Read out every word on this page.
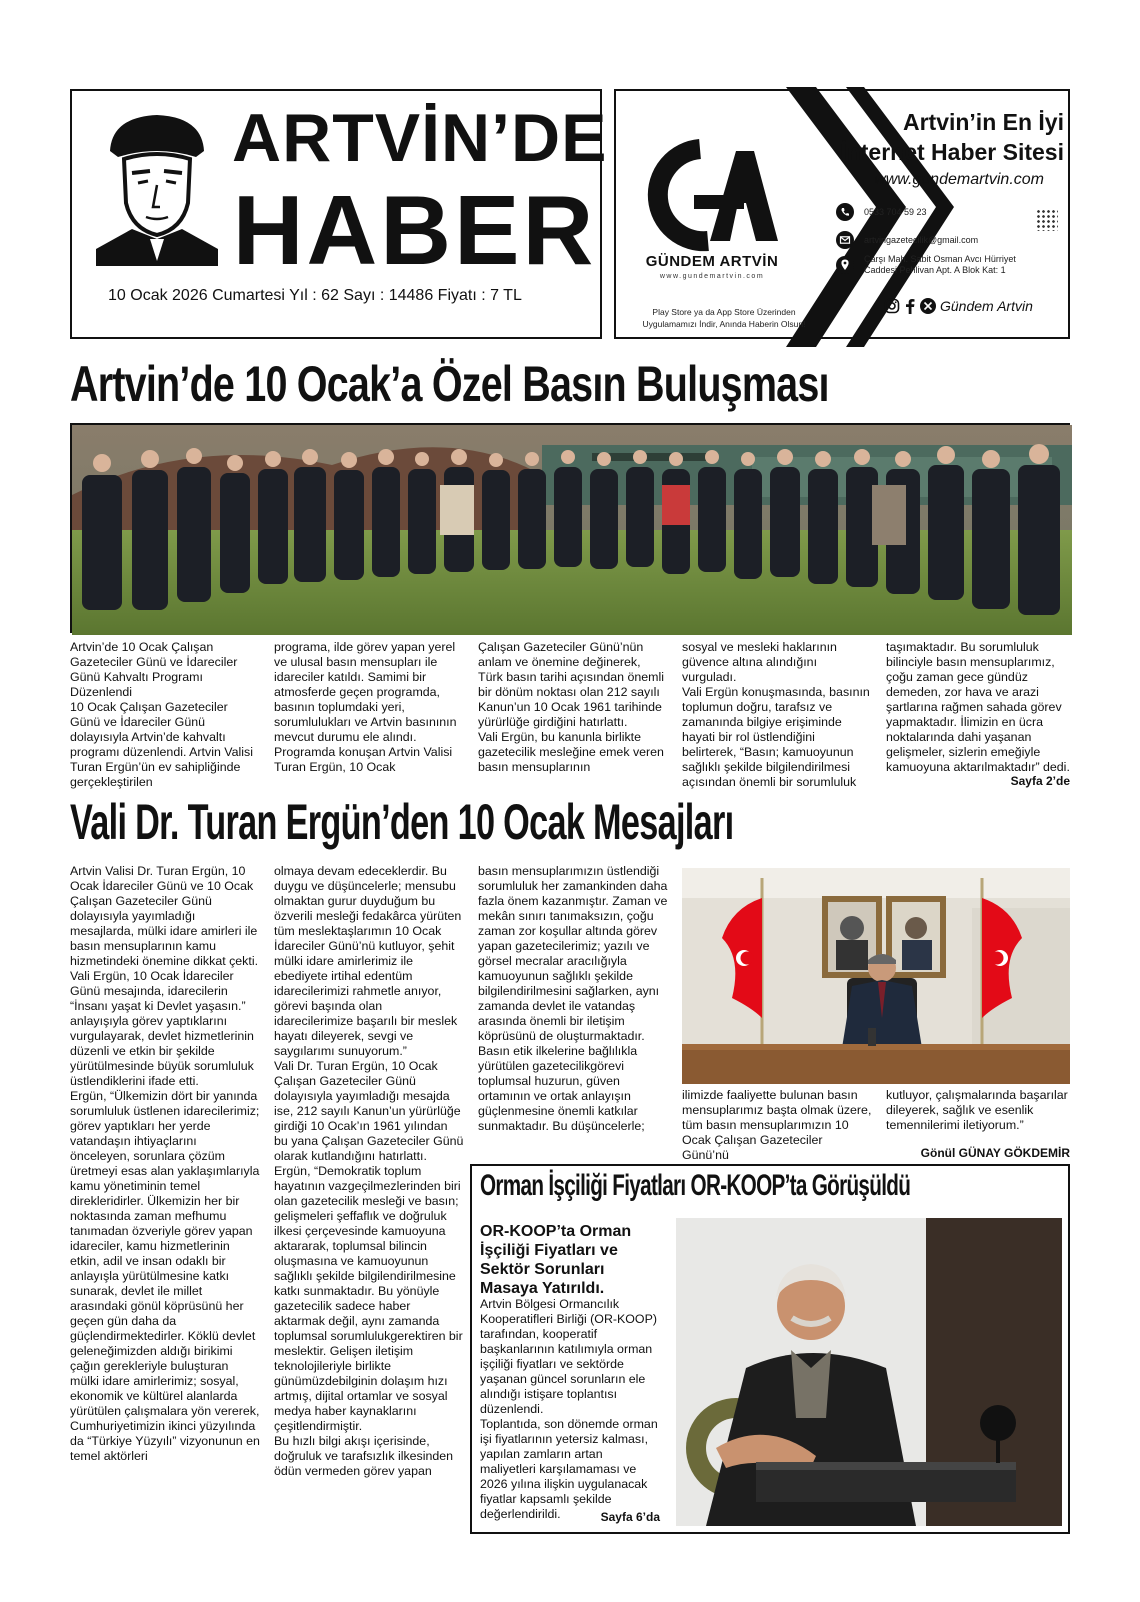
ARTVİN’DE
HABER
10 Ocak 2026 Cumartesi Yıl : 62 Sayı : 14486 Fiyatı : 7 TL
GÜNDEM ARTVİN
www.gundemartvin.com
Play Store ya da App Store Üzerinden
Uygulamamızı İndir, Anında Haberin Olsun!
Artvin’in En İyi
İnternet Haber Sitesi
www.gundemartvin.com
0533 704 59 23
artvingazetecilik@gmail.com
Çarşı Mah. Sabit Osman Avcı Hürriyet
Caddesi Pehlivan Apt. A Blok Kat: 1
Gündem Artvin
Artvin’de 10 Ocak’a Özel Basın Buluşması

Artvin’de 10 Ocak Çalışan Gazeteciler Günü ve İdareciler Günü Kahvaltı Programı Düzenlendi
10 Ocak Çalışan Gazeteciler Günü ve İdareciler Günü dolayısıyla Artvin’de kahvaltı programı düzenlendi. Artvin Valisi Turan Ergün’ün ev sahipliğinde gerçekleştirilen

programa, ilde görev yapan yerel ve ulusal basın mensupları ile idareciler katıldı. Samimi bir atmosferde geçen programda, basının toplumdaki yeri, sorumlulukları ve Artvin basınının mevcut durumu ele alındı.
Programda konuşan Artvin Valisi Turan Ergün, 10 Ocak

Çalışan Gazeteciler Günü’nün anlam ve önemine değinerek, Türk basın tarihi açısından önemli bir dönüm noktası olan 212 sayılı Kanun’un 10 Ocak 1961 tarihinde yürürlüğe girdiğini hatırlattı.
Vali Ergün, bu kanunla birlikte gazetecilik mesleğine emek veren basın mensuplarının

sosyal ve mesleki haklarının güvence altına alındığını vurguladı.
Vali Ergün konuşmasında, basının toplumun doğru, tarafsız ve zamanında bilgiye erişiminde hayati bir rol üstlendiğini belirterek, “Basın; kamuoyunun sağlıklı şekilde bilgilendirilmesi açısından önemli bir sorumluluk

taşımaktadır. Bu sorumluluk bilinciyle basın mensuplarımız, çoğu zaman gece gündüz demeden, zor hava ve arazi şartlarına rağmen sahada görev yapmaktadır. İlimizin en ücra noktalarında dahi yaşanan gelişmeler, sizlerin emeğiyle kamuoyuna aktarılmaktadır” dedi.

Sayfa 2’de
Vali Dr. Turan Ergün’den 10 Ocak Mesajları

Artvin Valisi Dr. Turan Ergün, 10 Ocak İdareciler Günü ve 10 Ocak Çalışan Gazeteciler Günü dolayısıyla yayımladığı mesajlarda, mülki idare amirleri ile basın mensuplarının kamu hizmetindeki önemine dikkat çekti.
Vali Ergün, 10 Ocak İdareciler Günü mesajında, idarecilerin “İnsanı yaşat ki Devlet yaşasın.” anlayışıyla görev yaptıklarını vurgulayarak, devlet hizmetlerinin düzenli ve etkin bir şekilde yürütülmesinde büyük sorumluluk üstlendiklerini ifade etti.
Ergün, “Ülkemizin dört bir yanında sorumluluk üstlenen idarecilerimiz; görev yaptıkları her yerde vatandaşın ihtiyaçlarını önceleyen, sorunlara çözüm üretmeyi esas alan yaklaşımlarıyla kamu yönetiminin temel direkleridirler. Ülkemizin her bir noktasında zaman mefhumu tanımadan özveriyle görev yapan idareciler, kamu hizmetlerinin etkin, adil ve insan odaklı bir anlayışla yürütülmesine katkı sunarak, devlet ile millet arasındaki gönül köprüsünü her geçen gün daha da güçlendirmektedirler. Köklü devlet geleneğimizden aldığı birikimi çağın gerekleriyle buluşturan mülki idare amirlerimiz; sosyal, ekonomik ve kültürel alanlarda yürütülen çalışmalara yön vererek, Cumhuriyetimizin ikinci yüzyılında da “Türkiye Yüzyılı” vizyonunun en temel aktörleri

olmaya devam edeceklerdir. Bu duygu ve düşüncelerle; mensubu olmaktan gurur duyduğum bu özverili mesleği fedakârca yürüten tüm meslektaşlarımın 10 Ocak İdareciler Günü’nü kutluyor, şehit mülki idare amirlerimiz ile ebediyete irtihal edentüm idarecilerimizi rahmetle anıyor, görevi başında olan idarecilerimize başarılı bir meslek hayatı dileyerek, sevgi ve saygılarımı sunuyorum.”
Vali Dr. Turan Ergün, 10 Ocak Çalışan Gazeteciler Günü dolayısıyla yayımladığı mesajda ise, 212 sayılı Kanun’un yürürlüğe girdiği 10 Ocak’ın 1961 yılından bu yana Çalışan Gazeteciler Günü olarak kutlandığını hatırlattı.
Ergün, “Demokratik toplum hayatının vazgeçilmezlerinden biri olan gazetecilik mesleği ve basın; gelişmeleri şeffaflık ve doğruluk ilkesi çerçevesinde kamuoyuna aktararak, toplumsal bilincin oluşmasına ve kamuoyunun sağlıklı şekilde bilgilendirilmesine katkı sunmaktadır. Bu yönüyle gazetecilik sadece haber aktarmak değil, aynı zamanda toplumsal sorumlulukgerektiren bir meslektir. Gelişen iletişim teknolojileriyle birlikte günümüzdebilginin dolaşım hızı artmış, dijital ortamlar ve sosyal medya haber kaynaklarını çeşitlendirmiştir.
Bu hızlı bilgi akışı içerisinde, doğruluk ve tarafsızlık ilkesinden ödün vermeden görev yapan

basın mensuplarımızın üstlendiği sorumluluk her zamankinden daha fazla önem kazanmıştır. Zaman ve mekân sınırı tanımaksızın, çoğu zaman zor koşullar altında görev yapan gazetecilerimiz; yazılı ve görsel mecralar aracılığıyla kamuoyunun sağlıklı şekilde bilgilendirilmesini sağlarken, aynı zamanda devlet ile vatandaş arasında önemli bir iletişim köprüsünü de oluşturmaktadır.
Basın etik ilkelerine bağlılıkla yürütülen gazetecilikgörevi toplumsal huzurun, güven ortamının ve ortak anlayışın güçlenmesine önemli katkılar sunmaktadır. Bu düşüncelerle;

ilimizde faaliyette bulunan basın mensuplarımız başta olmak üzere, tüm basın mensuplarımızın 10 Ocak Çalışan Gazeteciler Günü’nü

kutluyor, çalışmalarında başarılar dileyerek, sağlık ve esenlik temennilerimi iletiyorum.”

Gönül GÜNAY GÖKDEMİR
Orman İşçiliği Fiyatları OR-KOOP’ta Görüşüldü
OR-KOOP’ta Orman İşçiliği Fiyatları ve Sektör Sorunları Masaya Yatırıldı.

Artvin Bölgesi Ormancılık Kooperatifleri Birliği (OR-KOOP) tarafından, kooperatif başkanlarının katılımıyla orman işçiliği fiyatları ve sektörde yaşanan güncel sorunların ele alındığı istişare toplantısı düzenlendi.
Toplantıda, son dönemde orman işi fiyatlarının yetersiz kalması, yapılan zamların artan maliyetleri karşılamaması ve 2026 yılına ilişkin uygulanacak fiyatlar kapsamlı şekilde değerlendirildi.	Sayfa 6’da
